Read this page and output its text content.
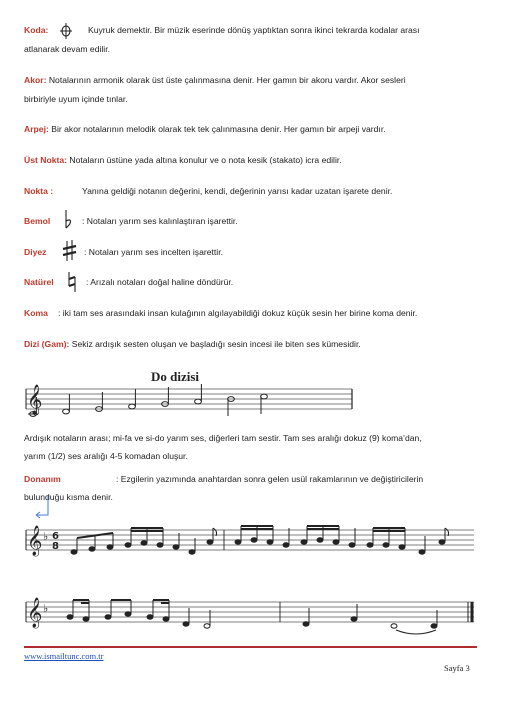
Koda:	Kuyruk demektir. Bir müzik eserinde dönüş yaptıktan sonra ikinci tekrarda kodalar arası
atlanarak devam edilir.
Akor: Notalarının armonik olarak üst üste çalınmasına denir. Her gamın bir akoru vardır. Akor sesleri
birbiriyle uyum içinde tınlar.
Arpej: Bir akor notalarının melodik olarak tek tek çalınmasına denir. Her gamın bir arpeji vardır.
Üst Nokta: Notaların üstüne yada altına konulur ve o nota kesik (stakato) icra edilir.
Nokta :	Yanına geldiği notanın değerini, kendi, değerinin yarısı kadar uzatan işarete denir.
Bemol	: Notaları yarım ses kalınlaştıran işarettir.
Diyez	: Notaları yarım ses incelten işarettir.
Natürel	: Arızalı notaları doğal haline döndürür.
Koma : iki tam ses arasındaki insan kulağının algılayabildiği dokuz küçük sesin her birine koma denir.
Dizi (Gam): Sekiz ardışık sesten oluşan ve başladığı sesin incesi ile biten ses kümesidir.
Do dizisi
𝄞
Ardışık notaların arası; mi-fa ve si-do yarım ses, diğerleri tam sestir. Tam ses aralığı dokuz (9) koma’dan,
yarım (1/2) ses aralığı 4-5 komadan oluşur.
Donanım	: Ezgilerin yazımında anahtardan sonra gelen usül rakamlarının ve değiştiricilerin
bulunduğu kısma denir.
𝄞 ♭ 6
8
𝄞 ♭
www.ismailtunc.com.tr
Sayfa 3
